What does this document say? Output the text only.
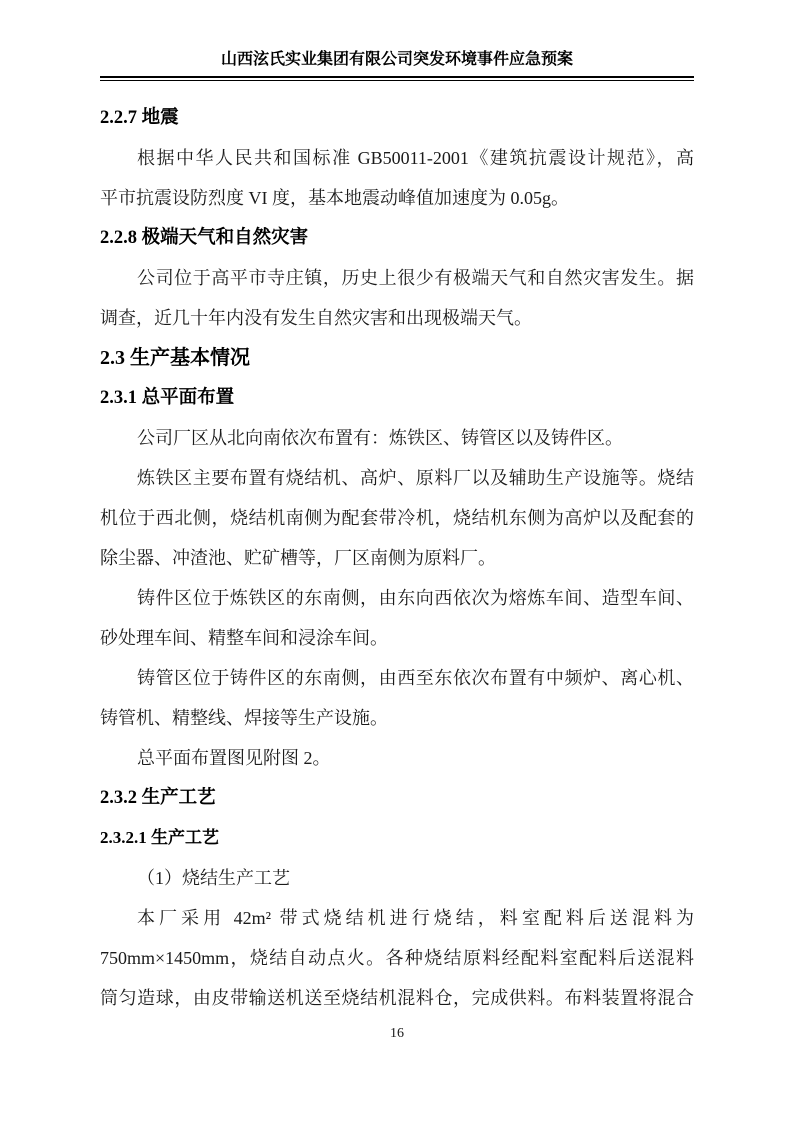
山西泫氏实业集团有限公司突发环境事件应急预案
2.2.7 地震
根据中华人民共和国标准 GB50011-2001《建筑抗震设计规范》，高
平市抗震设防烈度 VI 度，基本地震动峰值加速度为 0.05g。
2.2.8 极端天气和自然灾害
公司位于高平市寺庄镇，历史上很少有极端天气和自然灾害发生。据
调查，近几十年内没有发生自然灾害和出现极端天气。
2.3 生产基本情况
2.3.1 总平面布置
公司厂区从北向南依次布置有：炼铁区、铸管区以及铸件区。
炼铁区主要布置有烧结机、高炉、原料厂以及辅助生产设施等。烧结
机位于西北侧，烧结机南侧为配套带冷机，烧结机东侧为高炉以及配套的
除尘器、冲渣池、贮矿槽等，厂区南侧为原料厂。
铸件区位于炼铁区的东南侧，由东向西依次为熔炼车间、造型车间、
砂处理车间、精整车间和浸涂车间。
铸管区位于铸件区的东南侧，由西至东依次布置有中频炉、离心机、
铸管机、精整线、焊接等生产设施。
总平面布置图见附图 2。
2.3.2 生产工艺
2.3.2.1 生产工艺
（1）烧结生产工艺
本厂采用 42m² 带式烧结机进行烧结，料室配料后送混料为
750mm×1450mm，烧结自动点火。各种烧结原料经配料室配料后送混料
筒匀造球，由皮带输送机送至烧结机混料仓，完成供料。布料装置将混合
16
